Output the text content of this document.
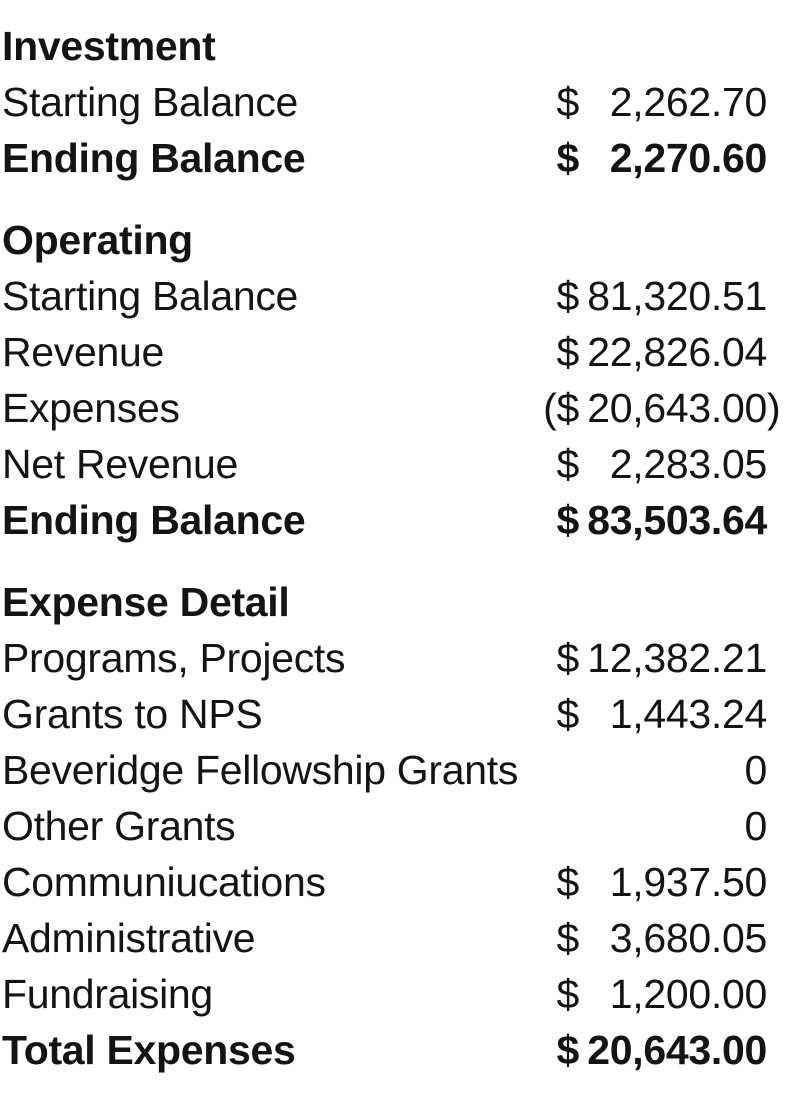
Investment
Starting Balance	$ 2,262.70
Ending Balance	$ 2,270.60
Operating
Starting Balance	$ 81,320.51
Revenue	$ 22,826.04
Expenses	($ 20,643.00 )
Net Revenue	$ 2,283.05
Ending Balance	$ 83,503.64
Expense Detail
Programs, Projects	$ 12,382.21
Grants to NPS	$ 1,443.24
Beveridge Fellowship Grants	0
Other Grants	0
Communiucations	$ 1,937.50
Administrative	$ 3,680.05
Fundraising	$ 1,200.00
Total Expenses	$ 20,643.00
